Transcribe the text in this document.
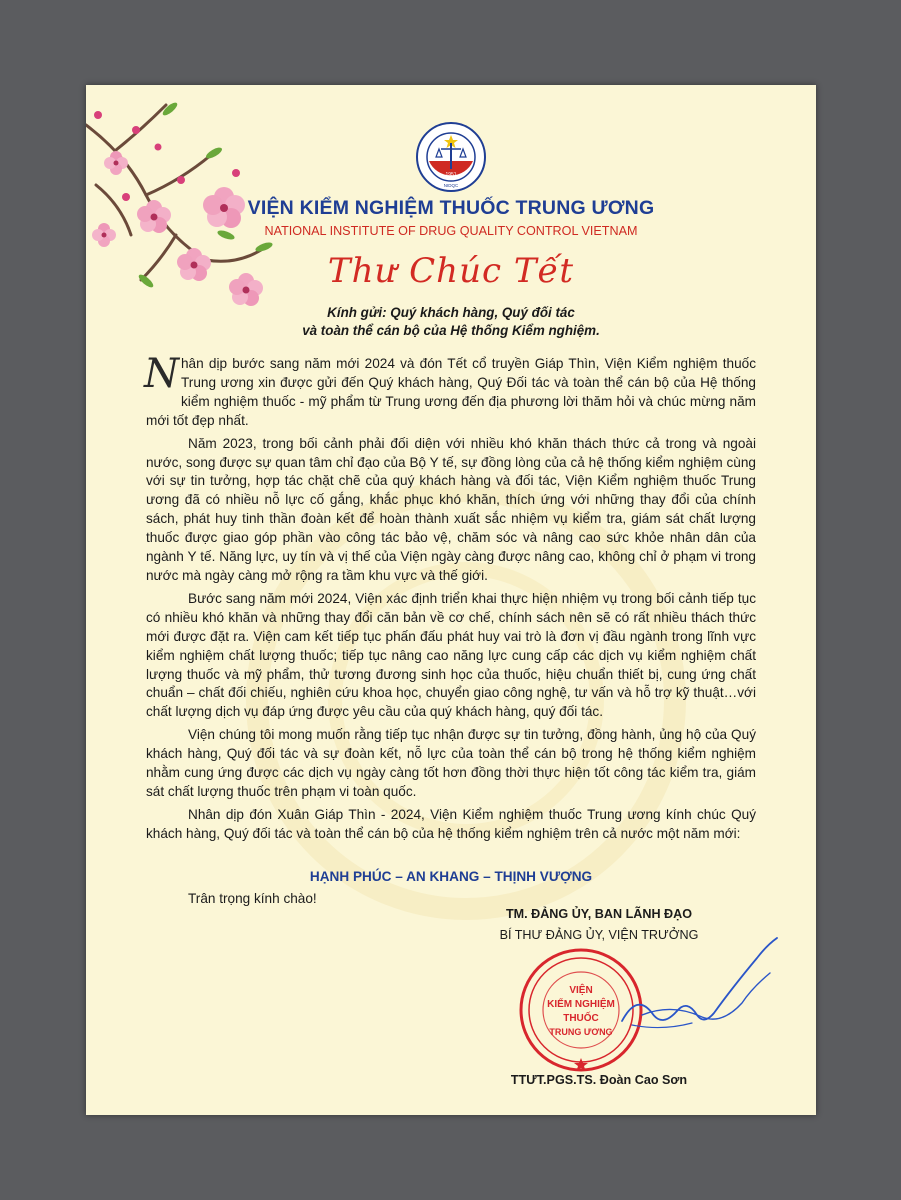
1951
NIDQC
VIỆN KIỂM NGHIỆM THUỐC TRUNG ƯƠNG
NATIONAL INSTITUTE OF DRUG QUALITY CONTROL VIETNAM
Thư Chúc Tết
Kính gửi: Quý khách hàng, Quý đối tác
và toàn thể cán bộ của Hệ thống Kiểm nghiệm.

Nhân dịp bước sang năm mới 2024 và đón Tết cổ truyền Giáp Thìn, Viện Kiểm nghiệm thuốc Trung ương xin được gửi đến Quý khách hàng, Quý Đối tác và toàn thể cán bộ của Hệ thống kiểm nghiệm thuốc - mỹ phẩm từ Trung ương đến địa phương lời thăm hỏi và chúc mừng năm mới tốt đẹp nhất.

Năm 2023, trong bối cảnh phải đối diện với nhiều khó khăn thách thức cả trong và ngoài nước, song được sự quan tâm chỉ đạo của Bộ Y tế, sự đồng lòng của cả hệ thống kiểm nghiệm cùng với sự tin tưởng, hợp tác chặt chẽ của quý khách hàng và đối tác, Viện Kiểm nghiệm thuốc Trung ương đã có nhiều nỗ lực cố gắng, khắc phục khó khăn, thích ứng với những thay đổi của chính sách, phát huy tinh thần đoàn kết để hoàn thành xuất sắc nhiệm vụ kiểm tra, giám sát chất lượng thuốc được giao góp phần vào công tác bảo vệ, chăm sóc và nâng cao sức khỏe nhân dân của ngành Y tế. Năng lực, uy tín và vị thế của Viện ngày càng được nâng cao, không chỉ ở phạm vi trong nước mà ngày càng mở rộng ra tầm khu vực và thế giới.

Bước sang năm mới 2024, Viện xác định triển khai thực hiện nhiệm vụ trong bối cảnh tiếp tục có nhiều khó khăn và những thay đổi căn bản về cơ chế, chính sách nên sẽ có rất nhiều thách thức mới được đặt ra. Viện cam kết tiếp tục phấn đấu phát huy vai trò là đơn vị đầu ngành trong lĩnh vực kiểm nghiệm chất lượng thuốc; tiếp tục nâng cao năng lực cung cấp các dịch vụ kiểm nghiệm chất lượng thuốc và mỹ phẩm, thử tương đương sinh học của thuốc, hiệu chuẩn thiết bị, cung ứng chất chuẩn – chất đối chiếu, nghiên cứu khoa học, chuyển giao công nghệ, tư vấn và hỗ trợ kỹ thuật…với chất lượng dịch vụ đáp ứng được yêu cầu của quý khách hàng, quý đối tác.

Viện chúng tôi mong muốn rằng tiếp tục nhận được sự tin tưởng, đồng hành, ủng hộ của Quý khách hàng, Quý đối tác và sự đoàn kết, nỗ lực của toàn thể cán bộ trong hệ thống kiểm nghiệm nhằm cung ứng được các dịch vụ ngày càng tốt hơn đồng thời thực hiện tốt công tác kiểm tra, giám sát chất lượng thuốc trên phạm vi toàn quốc.

Nhân dịp đón Xuân Giáp Thìn - 2024, Viện Kiểm nghiệm thuốc Trung ương kính chúc Quý khách hàng, Quý đối tác và toàn thể cán bộ của hệ thống kiểm nghiệm trên cả nước một năm mới:

HẠNH PHÚC – AN KHANG – THỊNH VƯỢNG
Trân trọng kính chào!
TM. ĐẢNG ỦY, BAN LÃNH ĐẠO
BÍ THƯ ĐẢNG ỦY, VIỆN TRƯỞNG
VIỆN
KIỂM NGHIỆM
THUỐC
TRUNG ƯƠNG
TTƯT.PGS.TS. Đoàn Cao Sơn
